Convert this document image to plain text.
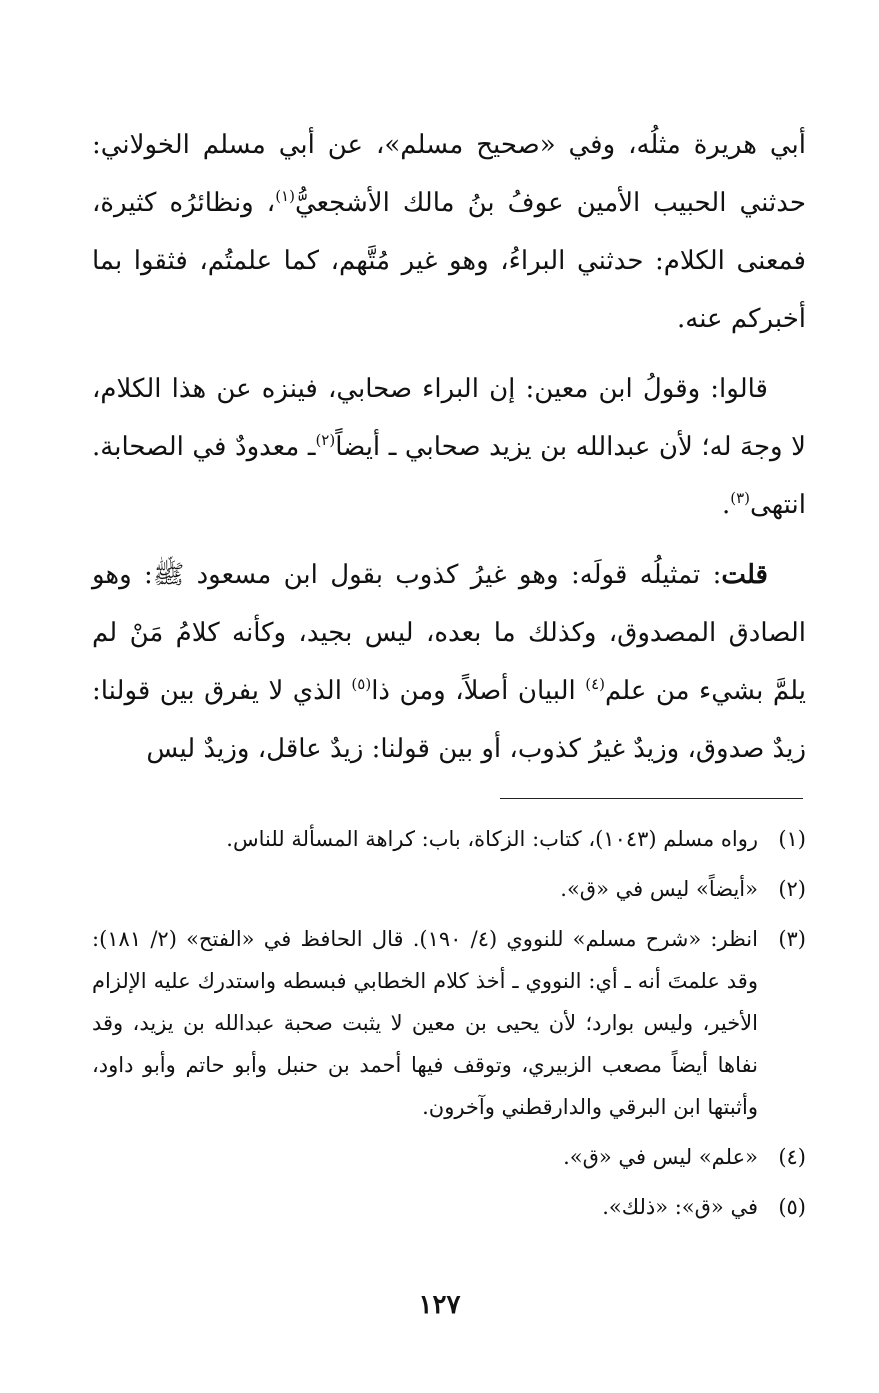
أبي هريرة مثلُه، وفي «صحيح مسلم»، عن أبي مسلم الخولاني: حدثني الحبيب الأمين عوفُ بنُ مالك الأشجعيُّ$^{(١)}$، ونظائرُه كثيرة، فمعنى الكلام: حدثني البراءُ، وهو غير مُتَّهم، كما علمتُم، فثقوا بما أخبركم عنه.

قالوا: وقولُ ابن معين: إن البراء صحابي، فينزه عن هذا الكلام، لا وجهَ له؛ لأن عبدالله بن يزيد صحابي ـ أيضاً$^{(٢)}$ـ معدودٌ في الصحابة. انتهى$^{(٣)}$.

قلت: تمثيلُه قولَه: وهو غيرُ كذوب بقول ابن مسعود ﷺ: وهو الصادق المصدوق، وكذلك ما بعده، ليس بجيد، وكأنه كلامُ مَنْ لم يلمَّ بشيء من علم$^{(٤)}$ البيان أصلاً، ومن ذا$^{(٥)}$ الذي لا يفرق بين قولنا: زيدٌ صدوق، وزيدٌ غيرُ كذوب، أو بين قولنا: زيدٌ عاقل، وزيدٌ ليس

(١)
رواه مسلم (١٠٤٣)، كتاب: الزكاة، باب: كراهة المسألة للناس.
(٢)
«أيضاً» ليس في «ق».
(٣)
انظر: «شرح مسلم» للنووي (٤/ ١٩٠). قال الحافظ في «الفتح» (٢/ ١٨١): وقد علمتَ أنه ـ أي: النووي ـ أخذ كلام الخطابي فبسطه واستدرك عليه الإلزام الأخير، وليس بوارد؛ لأن يحيى بن معين لا يثبت صحبة عبدالله بن يزيد، وقد نفاها أيضاً مصعب الزبيري، وتوقف فيها أحمد بن حنبل وأبو حاتم وأبو داود، وأثبتها ابن البرقي والدارقطني وآخرون.
(٤)
«علم» ليس في «ق».
(٥)
في «ق»: «ذلك».
١٢٧
